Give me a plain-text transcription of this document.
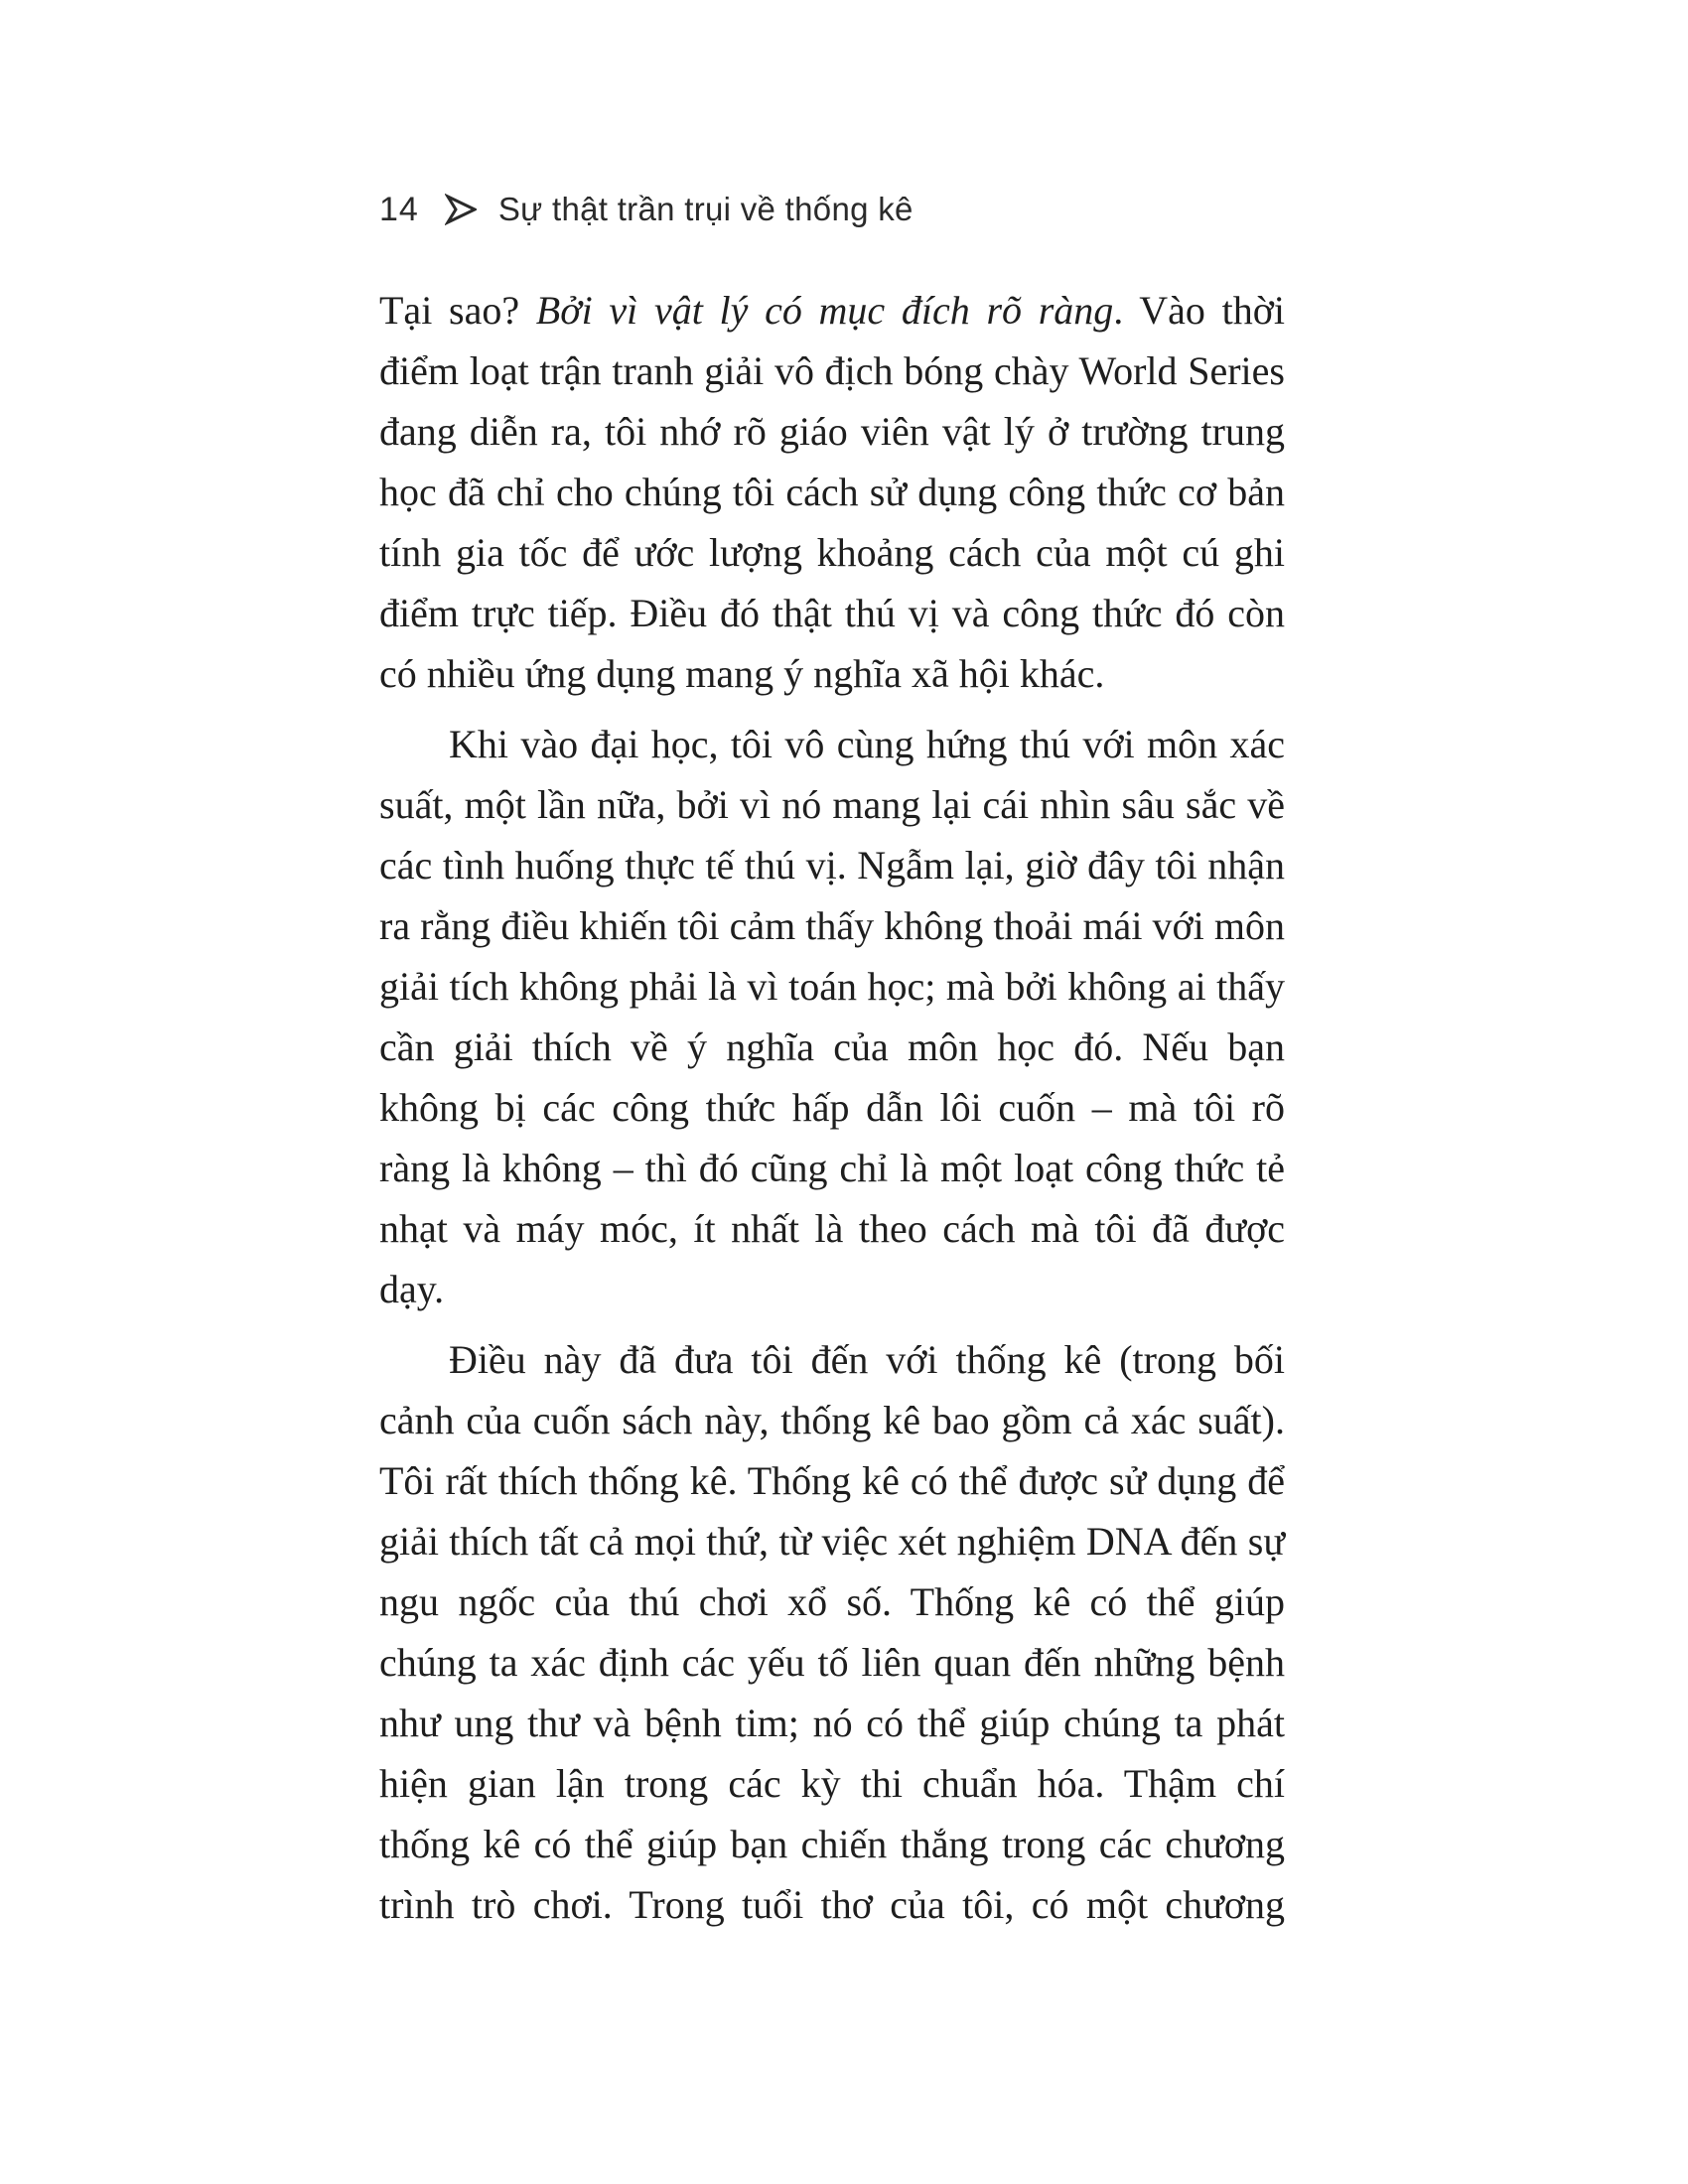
14 Sự thật trần trụi về thống kê

Tại sao? Bởi vì vật lý có mục đích rõ ràng. Vào thời điểm loạt trận tranh giải vô địch bóng chày World Series đang diễn ra, tôi nhớ rõ giáo viên vật lý ở trường trung học đã chỉ cho chúng tôi cách sử dụng công thức cơ bản tính gia tốc để ước lượng khoảng cách của một cú ghi điểm trực tiếp. Điều đó thật thú vị và công thức đó còn có nhiều ứng dụng mang ý nghĩa xã hội khác.

Khi vào đại học, tôi vô cùng hứng thú với môn xác suất, một lần nữa, bởi vì nó mang lại cái nhìn sâu sắc về các tình huống thực tế thú vị. Ngẫm lại, giờ đây tôi nhận ra rằng điều khiến tôi cảm thấy không thoải mái với môn giải tích không phải là vì toán học; mà bởi không ai thấy cần giải thích về ý nghĩa của môn học đó. Nếu bạn không bị các công thức hấp dẫn lôi cuốn – mà tôi rõ ràng là không – thì đó cũng chỉ là một loạt công thức tẻ nhạt và máy móc, ít nhất là theo cách mà tôi đã được dạy.

Điều này đã đưa tôi đến với thống kê (trong bối cảnh của cuốn sách này, thống kê bao gồm cả xác suất). Tôi rất thích thống kê. Thống kê có thể được sử dụng để giải thích tất cả mọi thứ, từ việc xét nghiệm DNA đến sự ngu ngốc của thú chơi xổ số. Thống kê có thể giúp chúng ta xác định các yếu tố liên quan đến những bệnh như ung thư và bệnh tim; nó có thể giúp chúng ta phát hiện gian lận trong các kỳ thi chuẩn hóa. Thậm chí thống kê có thể giúp bạn chiến thắng trong các chương trình trò chơi. Trong tuổi thơ của tôi, có một chương
